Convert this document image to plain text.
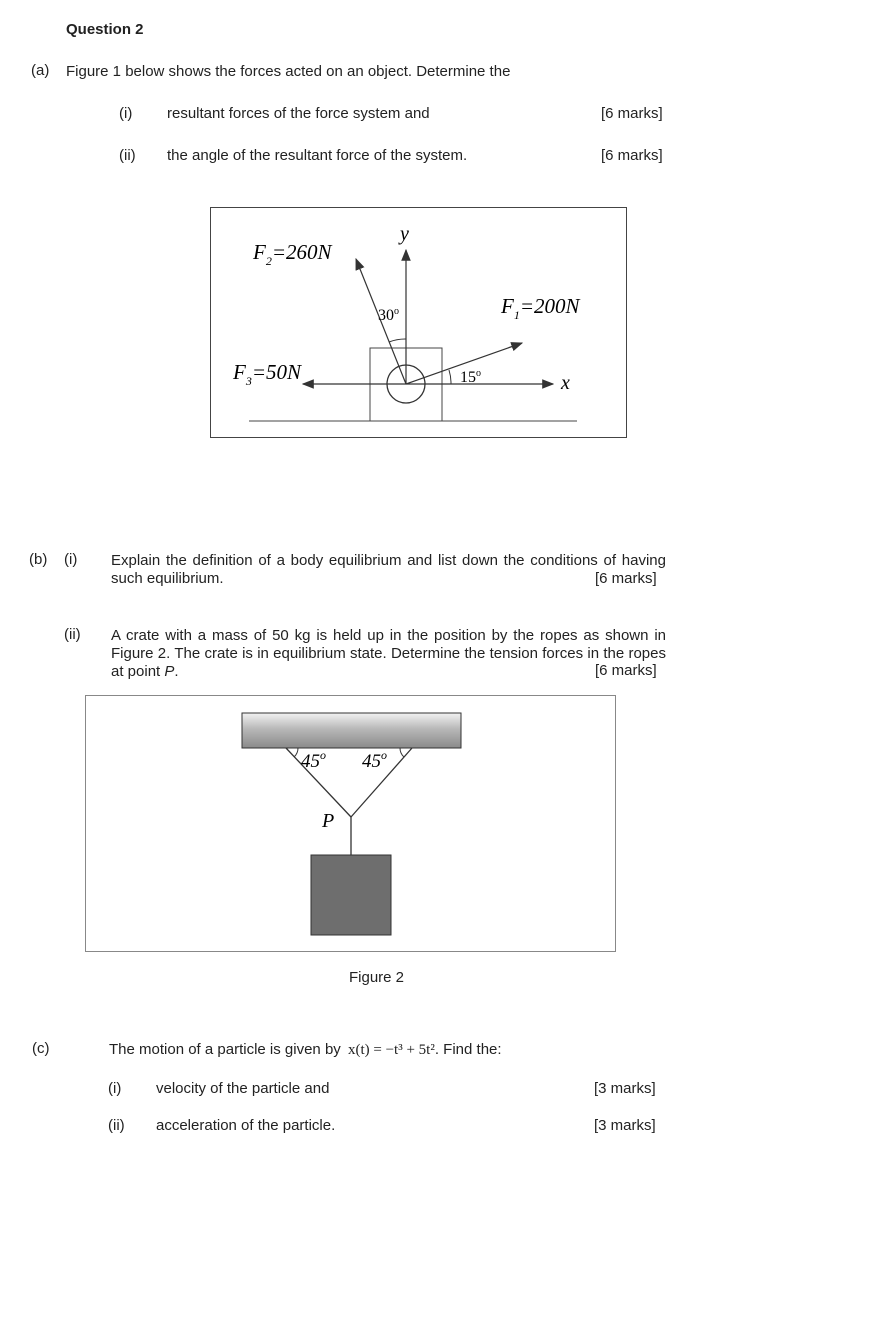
Question 2
(a) Figure 1 below shows the forces acted on an object. Determine the
(i) resultant forces of the force system and	[6 marks]
(ii) the angle of the resultant force of the system.	[6 marks]
y
x
$F_2=260N$
$F_1=200N$
$F_3=50N$
30$^o$
15$^o$
(b) (i) Explain the definition of a body equilibrium and list down the conditions of having such equilibrium.	[6 marks]
(ii) A crate with a mass of 50 kg is held up in the position by the ropes as shown in Figure 2. The crate is in equilibrium state. Determine the tension forces in the ropes at point P.	[6 marks]
45$^o$ 45$^o$
P
Figure 2
(c)	The motion of a particle is given by x(t) = −t³ + 5t². Find the:
(i) velocity of the particle and	[3 marks]
(ii) acceleration of the particle.	[3 marks]
